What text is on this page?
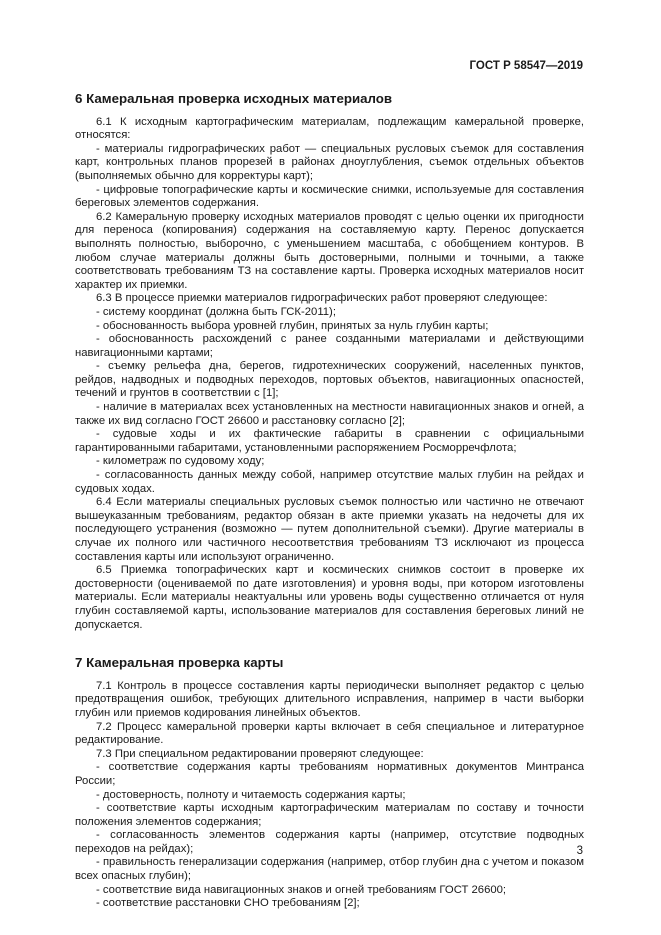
ГОСТ Р 58547—2019
6 Камеральная проверка исходных материалов

6.1 К исходным картографическим материалам, подлежащим камеральной проверке, относятся:

- материалы гидрографических работ — специальных русловых съемок для составления карт, контрольных планов прорезей в районах дноуглубления, съемок отдельных объектов (выполняемых обычно для корректуры карт);

- цифровые топографические карты и космические снимки, используемые для составления береговых элементов содержания.

6.2 Камеральную проверку исходных материалов проводят с целью оценки их пригодности для переноса (копирования) содержания на составляемую карту. Перенос допускается выполнять полностью, выборочно, с уменьшением масштаба, с обобщением контуров. В любом случае материалы должны быть достоверными, полными и точными, а также соответствовать требованиям ТЗ на составление карты. Проверка исходных материалов носит характер их приемки.

6.3 В процессе приемки материалов гидрографических работ проверяют следующее:

- систему координат (должна быть ГСК-2011);

- обоснованность выбора уровней глубин, принятых за нуль глубин карты;

- обоснованность расхождений с ранее созданными материалами и действующими навигационными картами;

- съемку рельефа дна, берегов, гидротехнических сооружений, населенных пунктов, рейдов, надводных и подводных переходов, портовых объектов, навигационных опасностей, течений и грунтов в соответствии с [1];

- наличие в материалах всех установленных на местности навигационных знаков и огней, а также их вид согласно ГОСТ 26600 и расстановку согласно [2];

- судовые ходы и их фактические габариты в сравнении с официальными гарантированными габаритами, установленными распоряжением Росморречфлота;

- километраж по судовому ходу;

- согласованность данных между собой, например отсутствие малых глубин на рейдах и судовых ходах.

6.4 Если материалы специальных русловых съемок полностью или частично не отвечают вышеуказанным требованиям, редактор обязан в акте приемки указать на недочеты для их последующего устранения (возможно — путем дополнительной съемки). Другие материалы в случае их полного или частичного несоответствия требованиям ТЗ исключают из процесса составления карты или используют ограниченно.

6.5 Приемка топографических карт и космических снимков состоит в проверке их достоверности (оцениваемой по дате изготовления) и уровня воды, при котором изготовлены материалы. Если материалы неактуальны или уровень воды существенно отличается от нуля глубин составляемой карты, использование материалов для составления береговых линий не допускается.

7 Камеральная проверка карты

7.1 Контроль в процессе составления карты периодически выполняет редактор с целью предотвращения ошибок, требующих длительного исправления, например в части выборки глубин или приемов кодирования линейных объектов.

7.2 Процесс камеральной проверки карты включает в себя специальное и литературное редактирование.

7.3 При специальном редактировании проверяют следующее:

- соответствие содержания карты требованиям нормативных документов Минтранса России;

- достоверность, полноту и читаемость содержания карты;

- соответствие карты исходным картографическим материалам по составу и точности положения элементов содержания;

- согласованность элементов содержания карты (например, отсутствие подводных переходов на рейдах);

- правильность генерализации содержания (например, отбор глубин дна с учетом и показом всех опасных глубин);

- соответствие вида навигационных знаков и огней требованиям ГОСТ 26600;

- соответствие расстановки СНО требованиям [2];

3
